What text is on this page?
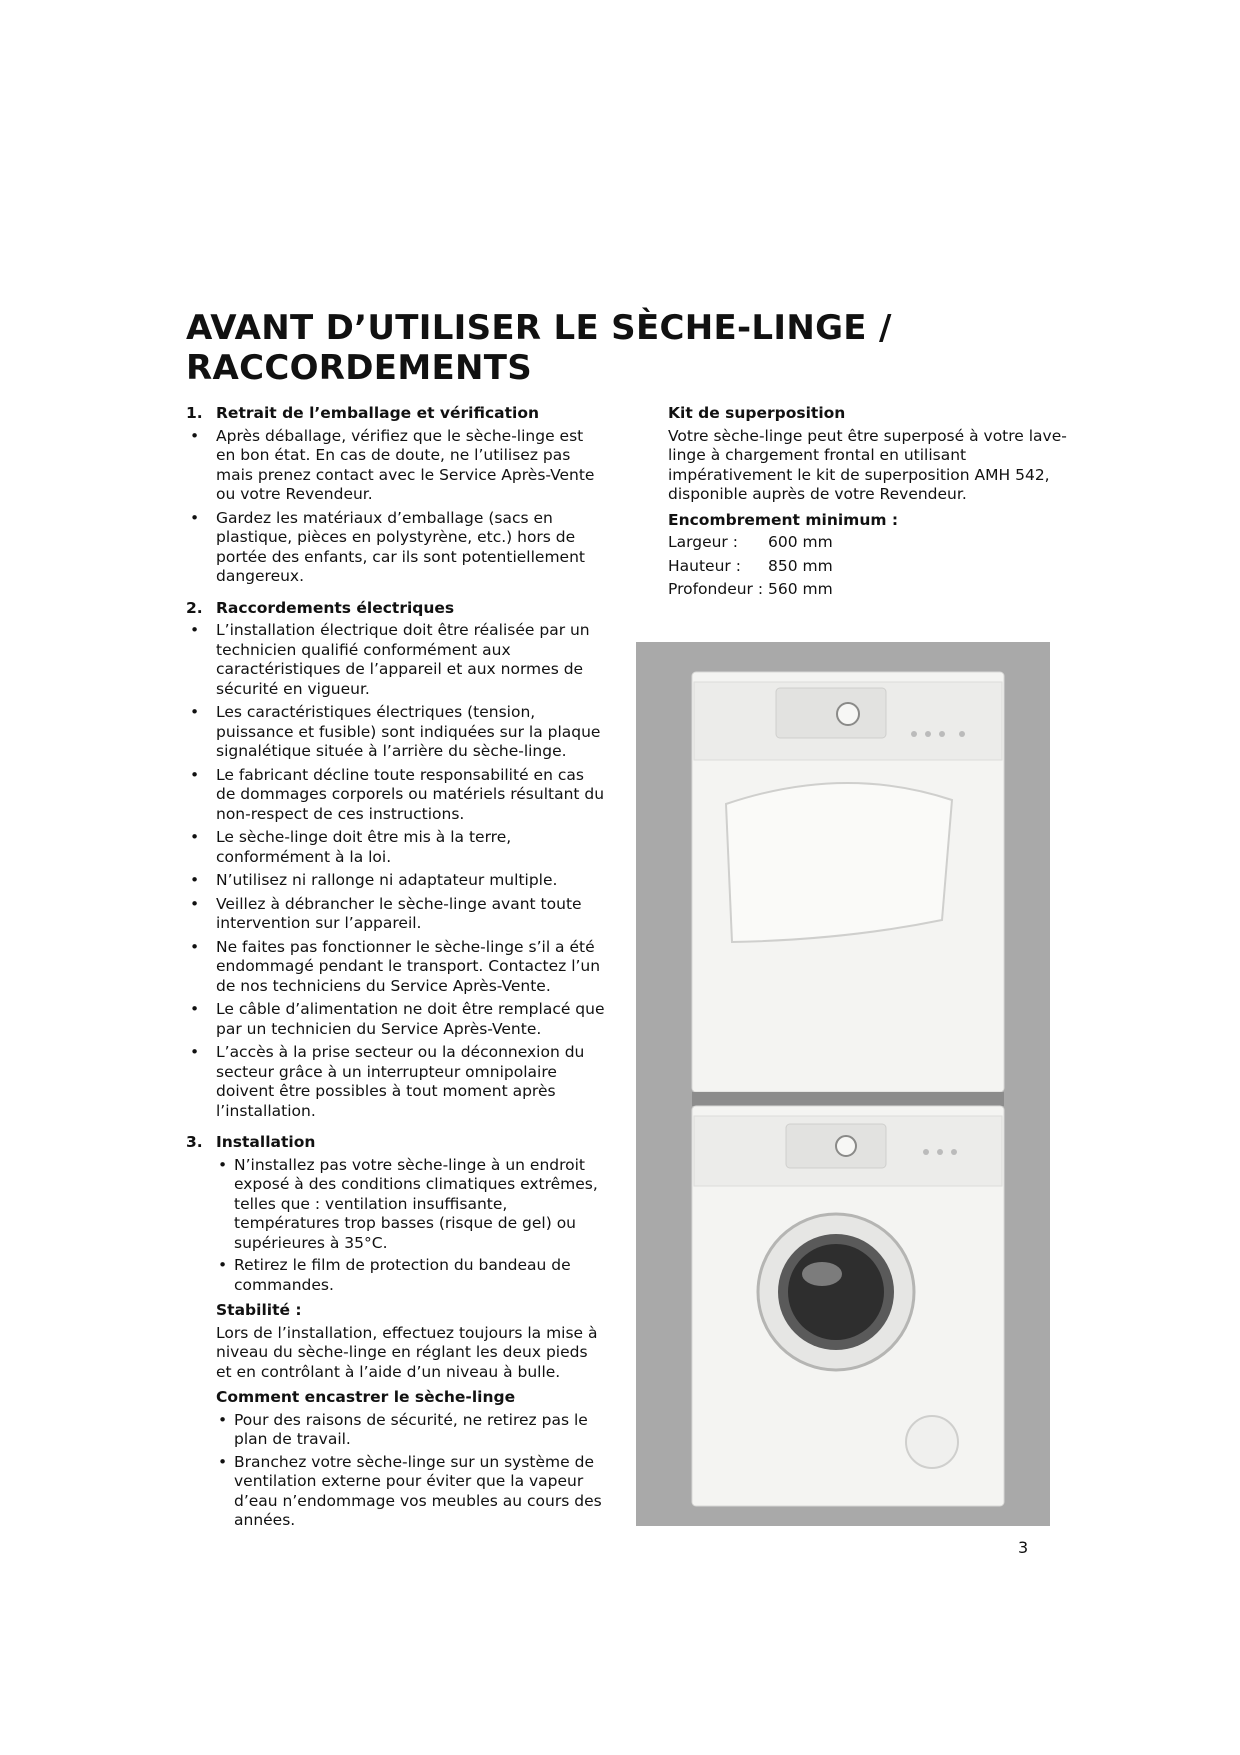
AVANT D’UTILISER LE SÈCHE-LINGE /
RACCORDEMENTS
1. Retrait de l’emballage et vérification
• Après déballage, vérifiez que le sèche-linge est en bon état. En cas de doute, ne l’utilisez pas mais prenez contact avec le Service Après-Vente ou votre Revendeur.
• Gardez les matériaux d’emballage (sacs en plastique, pièces en polystyrène, etc.) hors de portée des enfants, car ils sont potentiellement dangereux.
2. Raccordements électriques
• L’installation électrique doit être réalisée par un technicien qualifié conformément aux caractéristiques de l’appareil et aux normes de sécurité en vigueur.
• Les caractéristiques électriques (tension, puissance et fusible) sont indiquées sur la plaque signalétique située à l’arrière du sèche-linge.
• Le fabricant décline toute responsabilité en cas de dommages corporels ou matériels résultant du non-respect de ces instructions.
• Le sèche-linge doit être mis à la terre, conformément à la loi.
• N’utilisez ni rallonge ni adaptateur multiple.
• Veillez à débrancher le sèche-linge avant toute intervention sur l’appareil.
• Ne faites pas fonctionner le sèche-linge s’il a été endommagé pendant le transport. Contactez l’un de nos techniciens du Service Après-Vente.
• Le câble d’alimentation ne doit être remplacé que par un technicien du Service Après-Vente.
• L’accès à la prise secteur ou la déconnexion du secteur grâce à un interrupteur omnipolaire doivent être possibles à tout moment après l’installation.
3. Installation
• N’installez pas votre sèche-linge à un endroit exposé à des conditions climatiques extrêmes, telles que : ventilation insuffisante, températures trop basses (risque de gel) ou supérieures à 35°C.
• Retirez le film de protection du bandeau de commandes.
Stabilité :
Lors de l’installation, effectuez toujours la mise à niveau du sèche-linge en réglant les deux pieds et en contrôlant à l’aide d’un niveau à bulle.
Comment encastrer le sèche-linge
• Pour des raisons de sécurité, ne retirez pas le plan de travail.
• Branchez votre sèche-linge sur un système de ventilation externe pour éviter que la vapeur d’eau n’endommage vos meubles au cours des années.
Kit de superposition
Votre sèche-linge peut être superposé à votre lave-linge à chargement frontal en utilisant impérativement le kit de superposition AMH 542, disponible auprès de votre Revendeur.
Encombrement minimum :
Largeur :	600 mm
Hauteur :	850 mm
Profondeur : 560 mm
3
